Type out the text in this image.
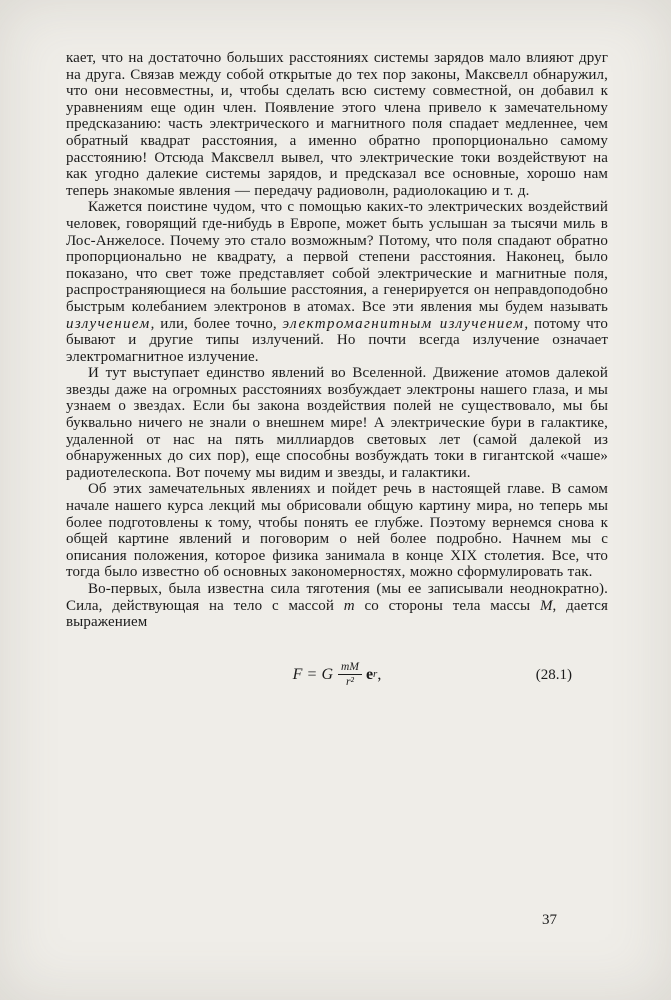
кает, что на достаточно больших расстояниях системы зарядов мало влияют друг на друга. Связав между собой открытые до тех пор законы, Максвелл обнаружил, что они несовместны, и, чтобы сделать всю систему совместной, он добавил к уравнениям еще один член. Появление этого члена привело к замечательному предсказанию: часть электрического и магнитного поля спадает медленнее, чем обратный квадрат расстояния, а именно обратно пропорционально самому расстоянию! Отсюда Максвелл вывел, что электрические токи воздействуют на как угодно далекие системы зарядов, и предсказал все основные, хорошо нам теперь знакомые явления — передачу радиоволн, радиолокацию и т. д.

Кажется поистине чудом, что с помощью каких-то электрических воздействий человек, говорящий где-нибудь в Европе, может быть услышан за тысячи миль в Лос-Анжелосе. Почему это стало возможным? Потому, что поля спадают обратно пропорционально не квадрату, а первой степени расстояния. Наконец, было показано, что свет тоже представляет собой электрические и магнитные поля, распространяющиеся на большие расстояния, а генерируется он неправдоподобно быстрым колебанием электронов в атомах. Все эти явления мы будем называть излучением, или, более точно, электромагнитным излучением, потому что бывают и другие типы излучений. Но почти всегда излучение означает электромагнитное излучение.

И тут выступает единство явлений во Вселенной. Движение атомов далекой звезды даже на огромных расстояниях возбуждает электроны нашего глаза, и мы узнаем о звездах. Если бы закона воздействия полей не существовало, мы бы буквально ничего не знали о внешнем мире! А электрические бури в галактике, удаленной от нас на пять миллиардов световых лет (самой далекой из обнаруженных до сих пор), еще способны возбуждать токи в гигантской «чаше» радиотелескопа. Вот почему мы видим и звезды, и галактики.

Об этих замечательных явлениях и пойдет речь в настоящей главе. В самом начале нашего курса лекций мы обрисовали общую картину мира, но теперь мы более подготовлены к тому, чтобы понять ее глубже. Поэтому вернемся снова к общей картине явлений и поговорим о ней более подробно. Начнем мы с описания положения, которое физика занимала в конце XIX столетия. Все, что тогда было известно об основных закономерностях, можно сформулировать так.

Во-первых, была известна сила тяготения (мы ее записывали неоднократно). Сила, действующая на тело с массой m со стороны тела массы M, дается выражением

F = G $\frac{mM}{\text{r²}}$ e r ,	(28.1)
37
